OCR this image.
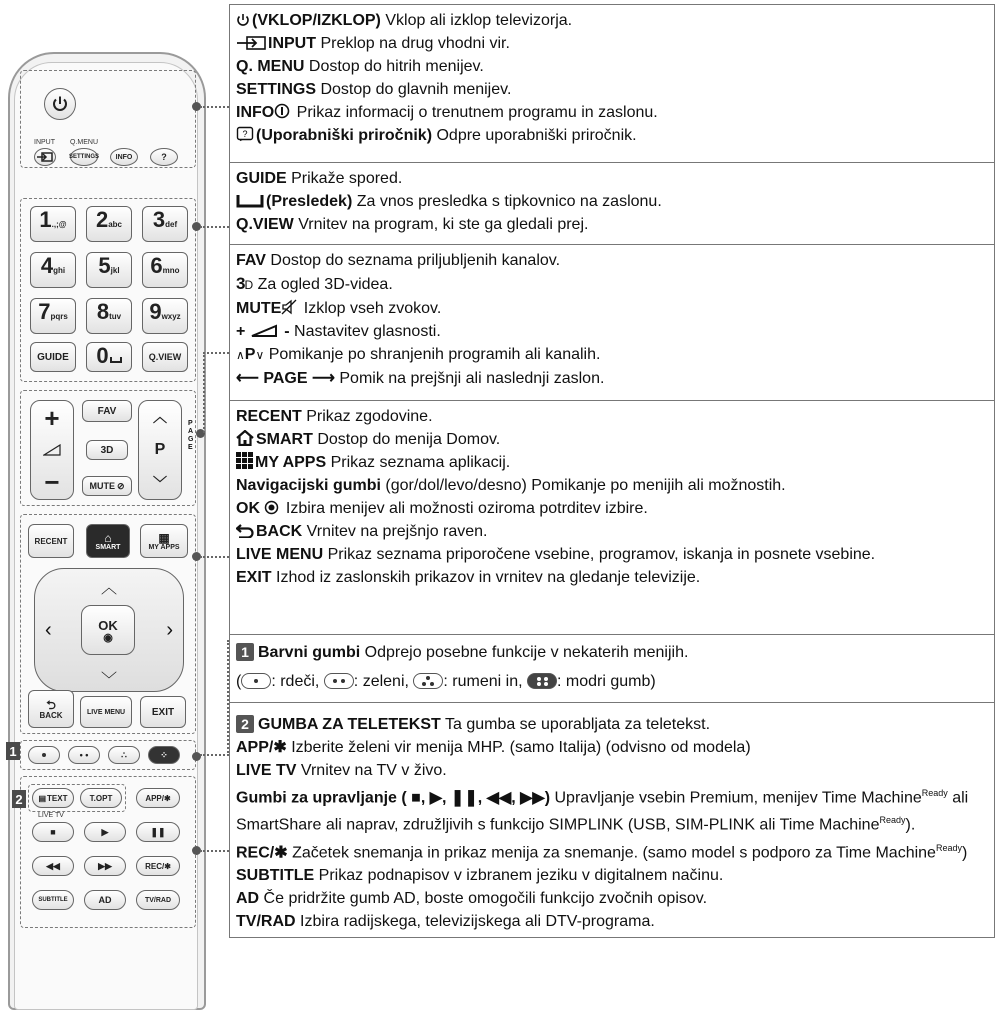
INPUT Q.MENU
SETTINGS INFO	?
1 .,;@ 2 abc 3 def
4 ghi 5 jkl 6 mno
7 pqrs 8 tuv 9 wxyz
GUIDE 0	Q.VIEW
+
−
FAV
3D
MUTE ⊘
︿
P
﹀
PAGE
RECENT	⌂
SMART
▦
MY APPS
︿
﹀
‹	›
OK
◉
⮌
BACK	LIVE MENU	EXIT
1	• •	∴	⁘
2	▤ TEXT	T.OPT	APP/✱
LIVE TV
■	▶	❚❚
◀◀	▶▶	REC/✱
SUBTITLE	AD	TV/RAD
(VKLOP/IZKLOP) Vklop ali izklop televizorja.
INPUT Preklop na drug vhodni vir.
Q. MENU Dostop do hitrih menijev.
SETTINGS Dostop do glavnih menijev.
INFO Prikaz informacij o trenutnem programu in zaslonu.
? (Uporabniški priročnik) Odpre uporabniški priročnik.
GUIDE Prikaže spored.
(Presledek) Za vnos presledka s tipkovnico na zaslonu.
Q.VIEW Vrnitev na program, ki ste ga gledali prej.
FAV Dostop do seznama priljubljenih kanalov.
3D Za ogled 3D-videa.
MUTE Izklop vseh zvokov.
+  - Nastavitev glasnosti.
∧P∨ Pomikanje po shranjenih programih ali kanalih.
⟵ PAGE ⟶ Pomik na prejšnji ali naslednji zaslon.
RECENT Prikaz zgodovine.
SMART Dostop do menija Domov.
MY APPS Prikaz seznama aplikacij.
Navigacijski gumbi (gor/dol/levo/desno) Pomikanje po menijih ali možnostih.
OK  Izbira menijev ali možnosti oziroma potrditev izbire.
BACK Vrnitev na prejšnjo raven.
LIVE MENU Prikaz seznama priporočene vsebine, programov, iskanja in posnete vsebine.
EXIT Izhod iz zaslonskih prikazov in vrnitev na gledanje televizije.
1 Barvni gumbi Odprejo posebne funkcije v nekaterih menijih.
( : rdeči,
: zeleni,
: rumeni in,
: modri gumb)
2 GUMBA ZA TELETEKST Ta gumba se uporabljata za teletekst.
APP/✱ Izberite želeni vir menija MHP. (samo Italija) (odvisno od modela)
LIVE TV Vrnitev na TV v živo.
Gumbi za upravljanje ( ■, ▶, ❚❚, ◀◀, ▶▶) Upravljanje vsebin Premium, menijev Time Machine$^{Ready}$ ali SmartShare ali naprav, združljivih s funkcijo SIMPLINK (USB, SIM-PLINK ali Time Machine$^{Ready}$).
REC/✱ Začetek snemanja in prikaz menija za snemanje. (samo model s podporo za Time Machine$^{Ready}$)
SUBTITLE Prikaz podnapisov v izbranem jeziku v digitalnem načinu.
AD Če pridržite gumb AD, boste omogočili funkcijo zvočnih opisov.
TV/RAD Izbira radijskega, televizijskega ali DTV-programa.
